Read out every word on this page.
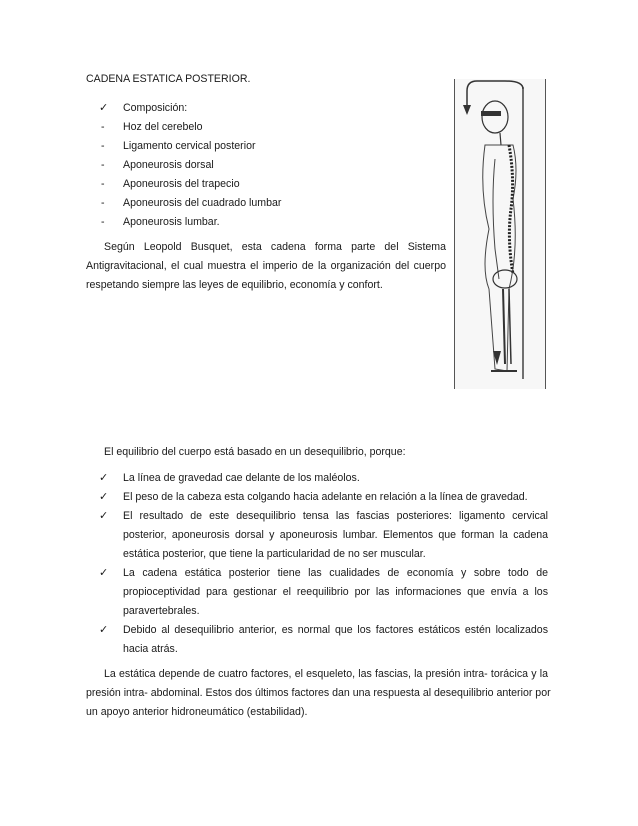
CADENA ESTATICA POSTERIOR.
✓ Composición:
- Hoz del cerebelo
- Ligamento cervical posterior
- Aponeurosis dorsal
- Aponeurosis del trapecio
- Aponeurosis del cuadrado lumbar
- Aponeurosis lumbar.
Según Leopold Busquet, esta cadena forma parte del Sistema
Antigravitacional, el cual muestra el imperio de la organización del cuerpo
respetando siempre las leyes de equilibrio, economía y confort.
El equilibrio del cuerpo está basado en un desequilibrio, porque:
✓ La línea de gravedad cae delante de los maléolos.
✓ El peso de la cabeza esta colgando hacia adelante en relación a la línea de gravedad.
✓ El resultado de este desequilibrio tensa las fascias posteriores: ligamento cervical
posterior, aponeurosis dorsal y aponeurosis lumbar. Elementos que forman la cadena
estática posterior, que tiene la particularidad de no ser muscular.
✓ La cadena estática posterior tiene las cualidades de economía y sobre todo de
propioceptividad para gestionar el reequilibrio por las informaciones que envía a los
paravertebrales.
✓ Debido al desequilibrio anterior, es normal que los factores estáticos estén localizados
hacia atrás.
La estática depende de cuatro factores, el esqueleto, las fascias, la presión intra- torácica y la
presión intra- abdominal. Estos dos últimos factores dan una respuesta al desequilibrio anterior por
un apoyo anterior hidroneumático (estabilidad).
